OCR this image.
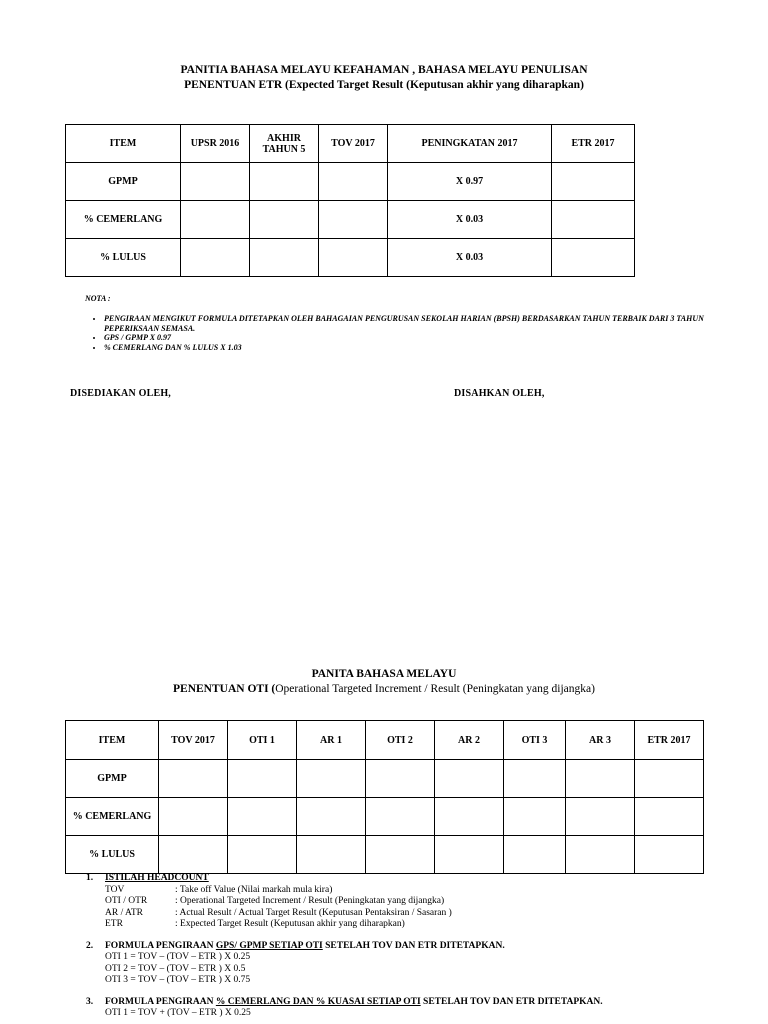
PANITIA BAHASA MELAYU KEFAHAMAN , BAHASA MELAYU PENULISAN
PENENTUAN ETR (Expected Target Result (Keputusan akhir yang diharapkan)
ITEM	UPSR 2016	AKHIR TAHUN 5	TOV 2017	PENINGKATAN 2017	ETR 2017
GPMP				X 0.97	
% CEMERLANG				X 0.03	
% LULUS				X 0.03	
NOTA :
• PENGIRAAN MENGIKUT FORMULA DITETAPKAN OLEH BAHAGAIAN PENGURUSAN SEKOLAH HARIAN (BPSH) BERDASARKAN TAHUN TERBAIK DARI 3 TAHUN PEPERIKSAAN SEMASA.
• GPS / GPMP X 0.97
• % CEMERLANG DAN % LULUS X 1.03
DISEDIAKAN OLEH,	DISAHKAN OLEH,
PANITA BAHASA MELAYU
PENENTUAN OTI (Operational Targeted Increment / Result (Peningkatan yang dijangka)
ITEM	TOV 2017	OTI 1	AR 1	OTI 2	AR 2	OTI 3	AR 3	ETR 2017
GPMP								
% CEMERLANG								
% LULUS								
1. ISTILAH HEADCOUNT
TOV	: Take off Value (Nilai markah mula kira)
OTI / OTR	: Operational Targeted Increment / Result (Peningkatan yang dijangka)
AR / ATR	: Actual Result / Actual Target Result (Keputusan Pentaksiran / Sasaran )
ETR	: Expected Target Result (Keputusan akhir yang diharapkan)
2. FORMULA PENGIRAAN GPS/ GPMP SETIAP OTI SETELAH TOV DAN ETR DITETAPKAN.
OTI 1 = TOV – (TOV – ETR ) X 0.25
OTI 2 = TOV – (TOV – ETR ) X 0.5
OTI 3 = TOV – (TOV – ETR ) X 0.75
3. FORMULA PENGIRAAN % CEMERLANG DAN % KUASAI SETIAP OTI SETELAH TOV DAN ETR DITETAPKAN.
OTI 1 = TOV + (TOV – ETR ) X 0.25
